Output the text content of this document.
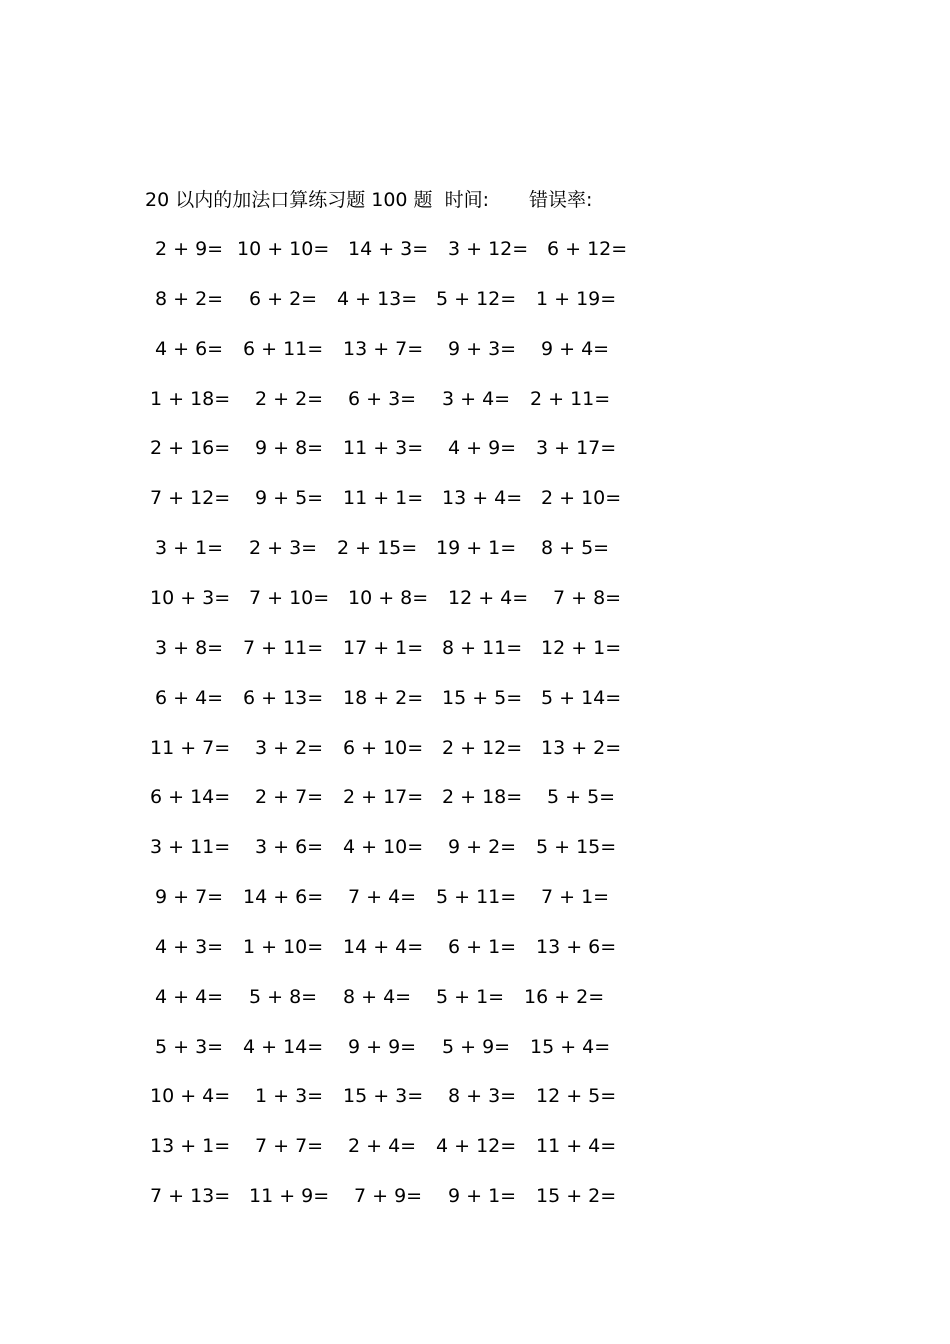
20 以内的加法口算练习题 100 题 时间: 错误率:
2 + 9= 10 + 10= 14 + 3= 3 + 12= 6 + 12=
8 + 2= 6 + 2= 4 + 13= 5 + 12= 1 + 19=
4 + 6= 6 + 11= 13 + 7= 9 + 3= 9 + 4=
1 + 18= 2 + 2= 6 + 3= 3 + 4= 2 + 11=
2 + 16= 9 + 8= 11 + 3= 4 + 9= 3 + 17=
7 + 12= 9 + 5= 11 + 1= 13 + 4= 2 + 10=
3 + 1= 2 + 3= 2 + 15= 19 + 1= 8 + 5=
10 + 3= 7 + 10= 10 + 8= 12 + 4= 7 + 8=
3 + 8= 7 + 11= 17 + 1= 8 + 11= 12 + 1=
6 + 4= 6 + 13= 18 + 2= 15 + 5= 5 + 14=
11 + 7= 3 + 2= 6 + 10= 2 + 12= 13 + 2=
6 + 14= 2 + 7= 2 + 17= 2 + 18= 5 + 5=
3 + 11= 3 + 6= 4 + 10= 9 + 2= 5 + 15=
9 + 7= 14 + 6= 7 + 4= 5 + 11= 7 + 1=
4 + 3= 1 + 10= 14 + 4= 6 + 1= 13 + 6=
4 + 4= 5 + 8= 8 + 4= 5 + 1= 16 + 2=
5 + 3= 4 + 14= 9 + 9= 5 + 9= 15 + 4=
10 + 4= 1 + 3= 15 + 3= 8 + 3= 12 + 5=
13 + 1= 7 + 7= 2 + 4= 4 + 12= 11 + 4=
7 + 13= 11 + 9= 7 + 9= 9 + 1= 15 + 2=
